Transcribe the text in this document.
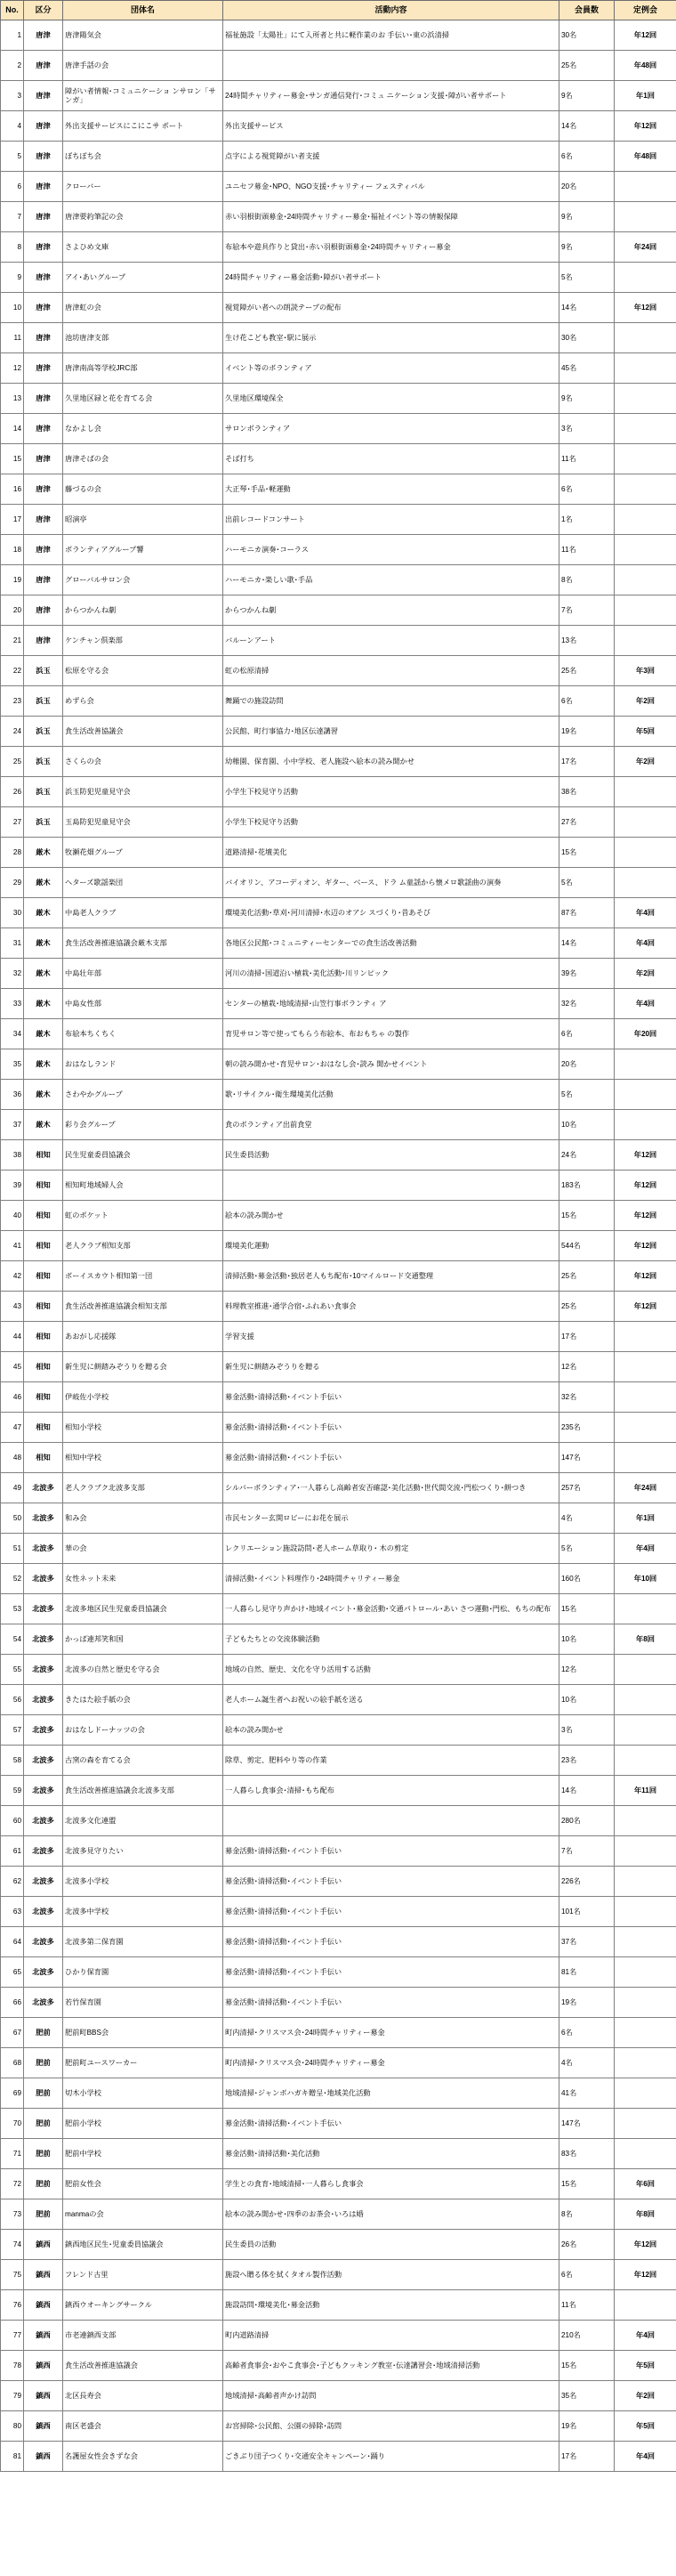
No.	区分	団体名	活動内容	会員数	定例会
1	唐津	唐津陽気会	福祉施設「太陽社」にて入所者と共に軽作業のお 手伝い･東の浜清掃	30名	年12回
2	唐津	唐津手話の会		25名	年48回
3	唐津	障がい者情報･コミュニケーショ ンサロン「サンガ」	24時間チャリティー募金･サンガ通信発行･コミュ ニケーション支援･障がい者サポート	9名	年1回
4	唐津	外出支援サービスにこにこサ ポート	外出支援サービス	14名	年12回
5	唐津	ぼちぼち会	点字による視覚障がい者支援	6名	年48回
6	唐津	クローバー	ユニセフ募金･NPO、NGO支援･チャリティー フェスティバル	20名	
7	唐津	唐津要約筆記の会	赤い羽根街頭募金･24時間チャリティー募金･福祉イベント等の情報保障	9名	
8	唐津	さよひめ文庫	布絵本や遊具作りと貸出･赤い羽根街頭募金･24時間チャリティー募金	9名	年24回
9	唐津	アイ･あいグループ	24時間チャリティー募金活動･障がい者サポート	5名	
10	唐津	唐津虹の会	視覚障がい者への朗読テープの配布	14名	年12回
11	唐津	池坊唐津支部	生け花こども教室･駅に展示	30名	
12	唐津	唐津南高等学校JRC部	イベント等のボランティア	45名	
13	唐津	久里地区緑と花を育てる会	久里地区環境保全	9名	
14	唐津	なかよし会	サロンボランティア	3名	
15	唐津	唐津そばの会	そば打ち	11名	
16	唐津	藤づるの会	大正琴･手品･軽運動	6名	
17	唐津	昭演亭	出前レコードコンサート	1名	
18	唐津	ボランティアグループ響	ハーモニカ演奏･コーラス	11名	
19	唐津	グローバルサロン会	ハーモニカ･楽しい歌･手品	8名	
20	唐津	からつかんね劇	からつかんね劇	7名	
21	唐津	ケンチャン倶楽部	バルーンアート	13名	
22	浜玉	松原を守る会	虹の松原清掃	25名	年3回
23	浜玉	めずら会	舞踊での施設訪問	6名	年2回
24	浜玉	食生活改善協議会	公民館、町行事協力･地区伝達講習	19名	年5回
25	浜玉	さくらの会	幼稚園、保育園、小中学校、老人施設へ絵本の読み聞かせ	17名	年2回
26	浜玉	浜玉防犯児童見守会	小学生下校見守り活動	38名	
27	浜玉	玉島防犯児童見守会	小学生下校見守り活動	27名	
28	厳木	牧瀬花畑グループ	道路清掃･花壇美化	15名	
29	厳木	ヘターズ歌謡楽団	バイオリン、アコーディオン、ギター、ベース、ドラ ム童謡から懐メロ歌謡曲の演奏	5名	
30	厳木	中島老人クラブ	環境美化活動･草刈･河川清掃･水辺のオアシ スづくり･昔あそび	87名	年4回
31	厳木	食生活改善推進協議会厳木支部	各地区公民館･コミュニティーセンターでの食生活改善活動	14名	年4回
32	厳木	中島壮年部	河川の清掃･国道沿い植栽･美化活動･川リンピック	39名	年2回
33	厳木	中島女性部	センターの植栽･地域清掃･山笠行事ボランティ ア	32名	年4回
34	厳木	布絵本ちくちく	育児サロン等で使ってもらう布絵本、布おもちゃ の製作	6名	年20回
35	厳木	おはなしランド	朝の読み聞かせ･育児サロン･おはなし会･読み 聞かせイベント	20名	
36	厳木	さわやかグループ	歌･リサイクル･衛生環境美化活動	5名	
37	厳木	彩り会グループ	食のボランティア出前食堂	10名	
38	相知	民生児童委員協議会	民生委員活動	24名	年12回
39	相知	相知町地域婦人会		183名	年12回
40	相知	虹のポケット	絵本の読み聞かせ	15名	年12回
41	相知	老人クラブ相知支部	環境美化運動	544名	年12回
42	相知	ボーイスカウト相知第一団	清掃活動･募金活動･独居老人もち配布･10マイルロード交通整理	25名	年12回
43	相知	食生活改善推進協議会相知支部	料理教室推進･通学合宿･ふれあい食事会	25名	年12回
44	相知	あおがし応援隊	学習支援	17名	
45	相知	新生児に餅踏みぞうりを贈る会	新生児に餅踏みぞうりを贈る	12名	
46	相知	伊岐佐小学校	募金活動･清掃活動･イベント手伝い	32名	
47	相知	相知小学校	募金活動･清掃活動･イベント手伝い	235名	
48	相知	相知中学校	募金活動･清掃活動･イベント手伝い	147名	
49	北波多	老人クラブク北波多支部	シルバーボランティア･一人暮らし高齢者安否確認･美化活動･世代間交流･門松つくり･餅つき	257名	年24回
50	北波多	和み会	市民センター玄関ロビーにお花を展示	4名	年1回
51	北波多	華の会	レクリエーション施設訪問･老人ホーム草取り･ 木の剪定	5名	年4回
52	北波多	女性ネット未来	清掃活動･イベント料理作り･24時間チャリティー募金	160名	年10回
53	北波多	北波多地区民生児童委員協議会	一人暮らし見守り声かけ･地域イベント･募金活動･交通パトロール･あい さつ運動･門松、もちの配布	15名	
54	北波多	かっぱ連邦笑和国	子どもたちとの交流体験活動	10名	年8回
55	北波多	北波多の自然と歴史を守る会	地域の自然、歴史、文化を守り活用する活動	12名	
56	北波多	きたはた絵手紙の会	老人ホーム誕生者へお祝いの絵手紙を送る	10名	
57	北波多	おはなしドーナッツの会	絵本の読み聞かせ	3名	
58	北波多	古窯の森を育てる会	除草、剪定、肥料やり等の作業	23名	
59	北波多	食生活改善推進協議会北波多支部	一人暮らし食事会･清掃･もち配布	14名	年11回
60	北波多	北波多文化連盟		280名	
61	北波多	北波多見守りたい	募金活動･清掃活動･イベント手伝い	7名	
62	北波多	北波多小学校	募金活動･清掃活動･イベント手伝い	226名	
63	北波多	北波多中学校	募金活動･清掃活動･イベント手伝い	101名	
64	北波多	北波多第二保育園	募金活動･清掃活動･イベント手伝い	37名	
65	北波多	ひかり保育園	募金活動･清掃活動･イベント手伝い	81名	
66	北波多	若竹保育園	募金活動･清掃活動･イベント手伝い	19名	
67	肥前	肥前町BBS会	町内清掃･クリスマス会･24時間チャリティー募金	6名	
68	肥前	肥前町ユースワーカー	町内清掃･クリスマス会･24時間チャリティー募金	4名	
69	肥前	切木小学校	地域清掃･ジャンボハガキ贈呈･地域美化活動	41名	
70	肥前	肥前小学校	募金活動･清掃活動･イベント手伝い	147名	
71	肥前	肥前中学校	募金活動･清掃活動･美化活動	83名	
72	肥前	肥前女性会	学生との食育･地域清掃･一人暮らし食事会	15名	年6回
73	肥前	manmaの会	絵本の読み聞かせ･四季のお茶会･いろは婚	8名	年8回
74	鎮西	鎮西地区民生･児童委員協議会	民生委員の活動	26名	年12回
75	鎮西	フレンド古里	施設へ贈る体を拭くタオル製作活動	6名	年12回
76	鎮西	鎮西ウオーキングサークル	施設訪問･環境美化･募金活動	11名	
77	鎮西	市老連鎮西支部	町内道路清掃	210名	年4回
78	鎮西	食生活改善推進協議会	高齢者食事会･おやこ食事会･子どもクッキング教室･伝達講習会･地域清掃活動	15名	年5回
79	鎮西	北区長寿会	地域清掃･高齢者声かけ訪問	35名	年2回
80	鎮西	南区老盛会	お宮掃除･公民館、公園の掃除･訪問	19名	年5回
81	鎮西	名護屋女性会きずな会	ごきぶり団子つくり･交通安全キャンペーン･踊り	17名	年4回
